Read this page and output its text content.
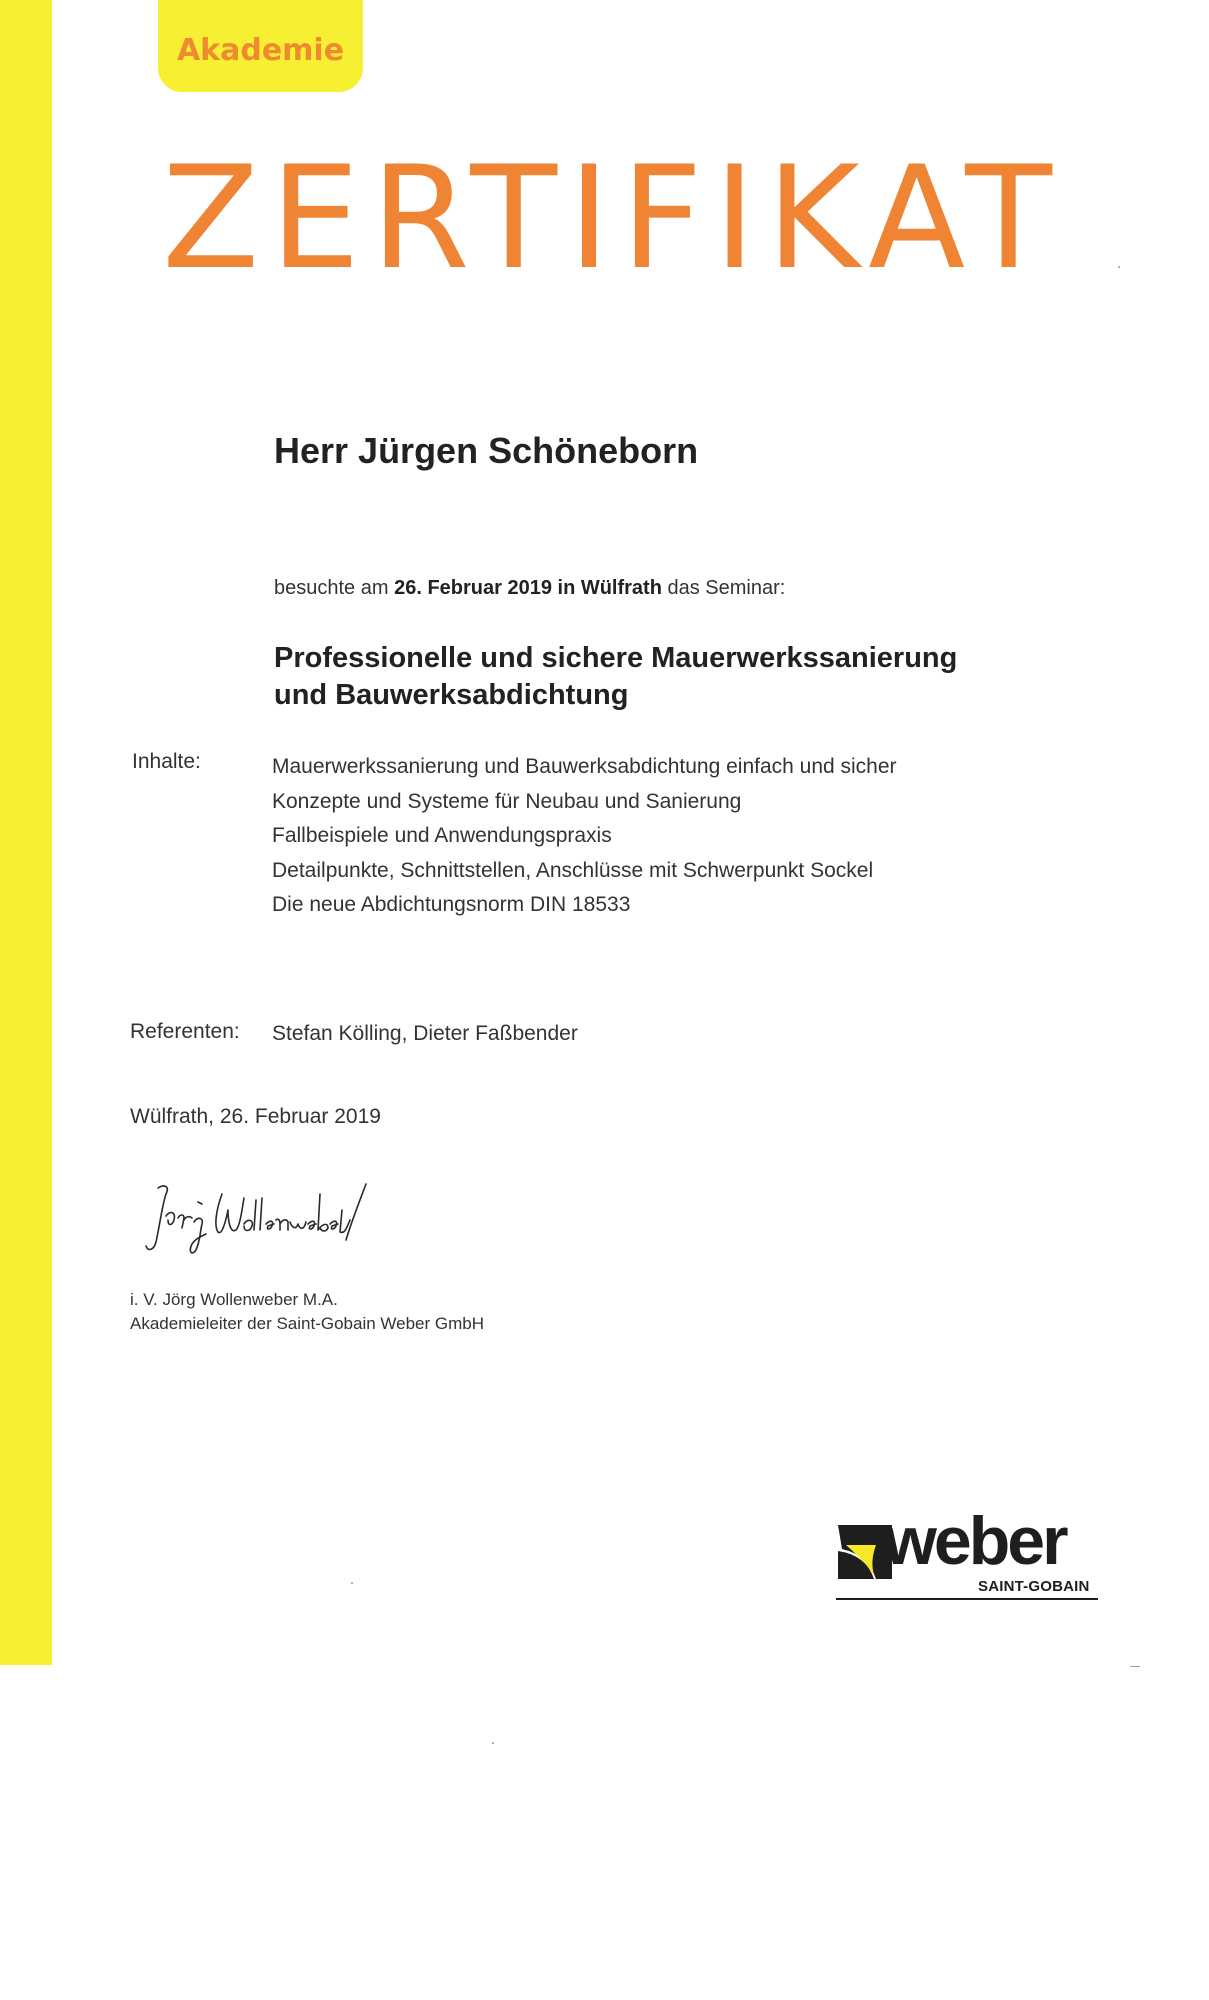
Akademie
ZERTIFIKAT
Herr Jürgen Schöneborn
besuchte am 26. Februar 2019 in Wülfrath das Seminar:
Professionelle und sichere Mauerwerkssanierung
und Bauwerksabdichtung
Inhalte:	Mauerwerkssanierung und Bauwerksabdichtung einfach und sicher
Konzepte und Systeme für Neubau und Sanierung
Fallbeispiele und Anwendungspraxis
Detailpunkte, Schnittstellen, Anschlüsse mit Schwerpunkt Sockel
Die neue Abdichtungsnorm DIN 18533
Referenten: Stefan Kölling, Dieter Faßbender
Wülfrath, 26. Februar 2019
i. V. Jörg Wollenweber M.A.
Akademieleiter der Saint-Gobain Weber GmbH
weber
SAINT-GOBAIN
